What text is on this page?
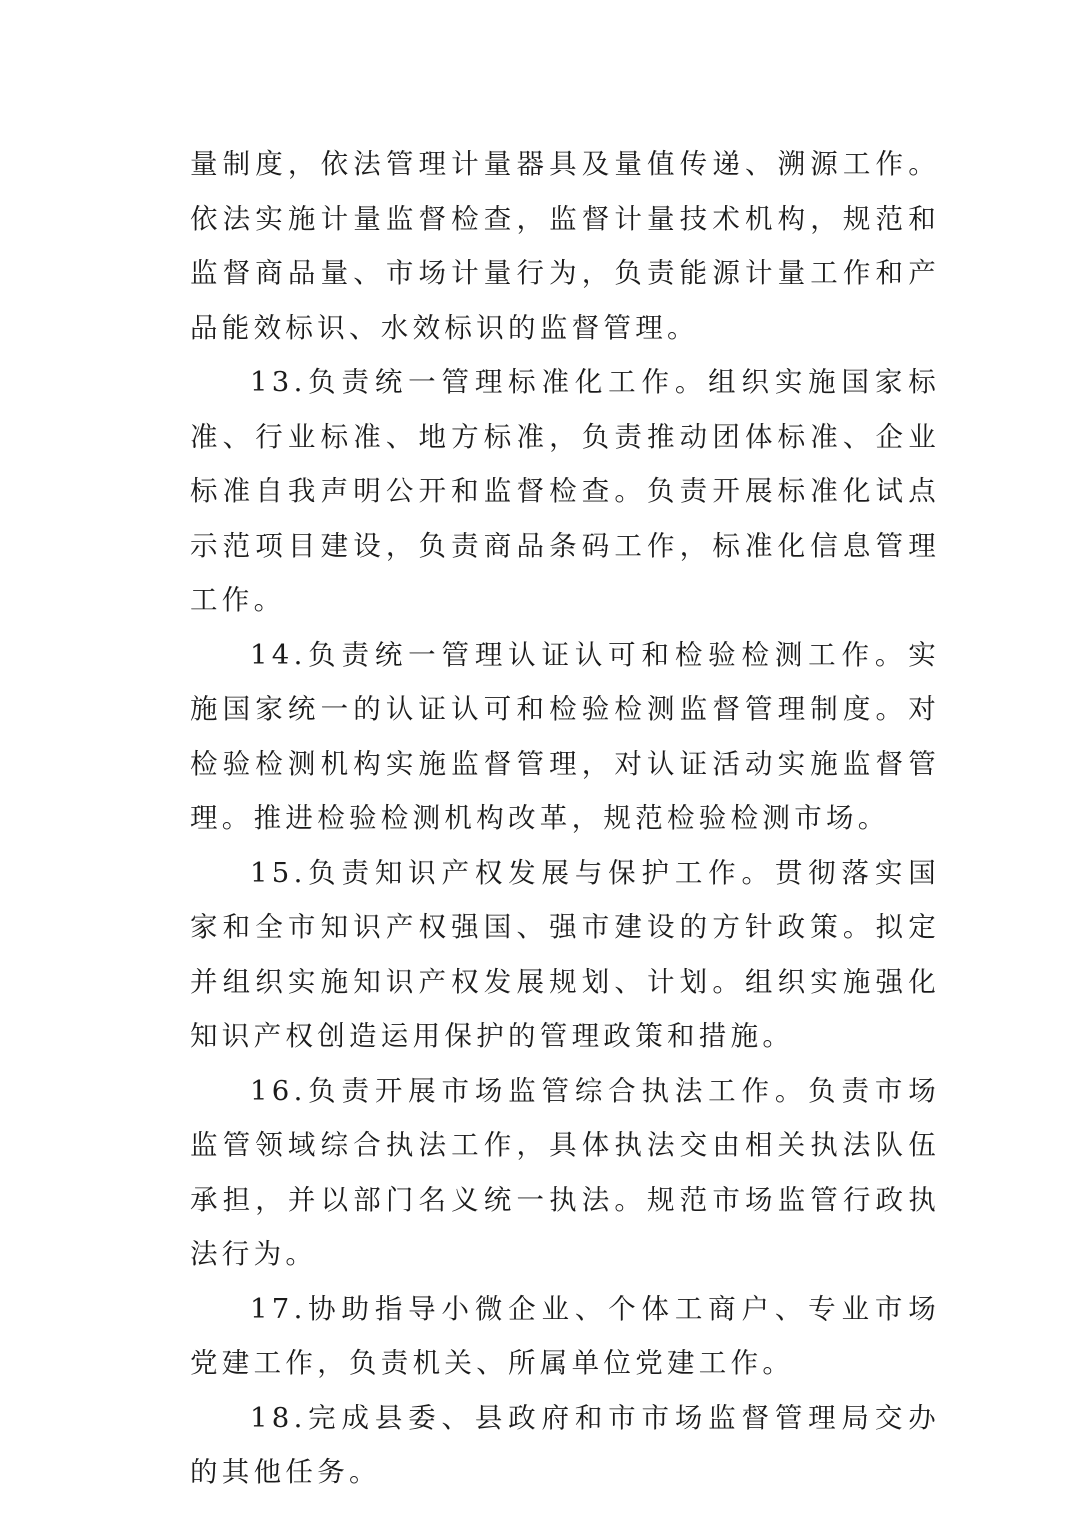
量制度，依法管理计量器具及量值传递、溯源工作。依法实施计量监督检查，监督计量技术机构，规范和监督商品量、市场计量行为，负责能源计量工作和产品能效标识、水效标识的监督管理。

13.负责统一管理标准化工作。组织实施国家标准、行业标准、地方标准，负责推动团体标准、企业标准自我声明公开和监督检查。负责开展标准化试点示范项目建设，负责商品条码工作，标准化信息管理工作。

14.负责统一管理认证认可和检验检测工作。实施国家统一的认证认可和检验检测监督管理制度。对检验检测机构实施监督管理，对认证活动实施监督管理。推进检验检测机构改革，规范检验检测市场。

15.负责知识产权发展与保护工作。贯彻落实国家和全市知识产权强国、强市建设的方针政策。拟定并组织实施知识产权发展规划、计划。组织实施强化知识产权创造运用保护的管理政策和措施。

16.负责开展市场监管综合执法工作。负责市场监管领域综合执法工作，具体执法交由相关执法队伍承担，并以部门名义统一执法。规范市场监管行政执法行为。

17.协助指导小微企业、个体工商户、专业市场党建工作，负责机关、所属单位党建工作。

18.完成县委、县政府和市市场监督管理局交办的其他任务。
